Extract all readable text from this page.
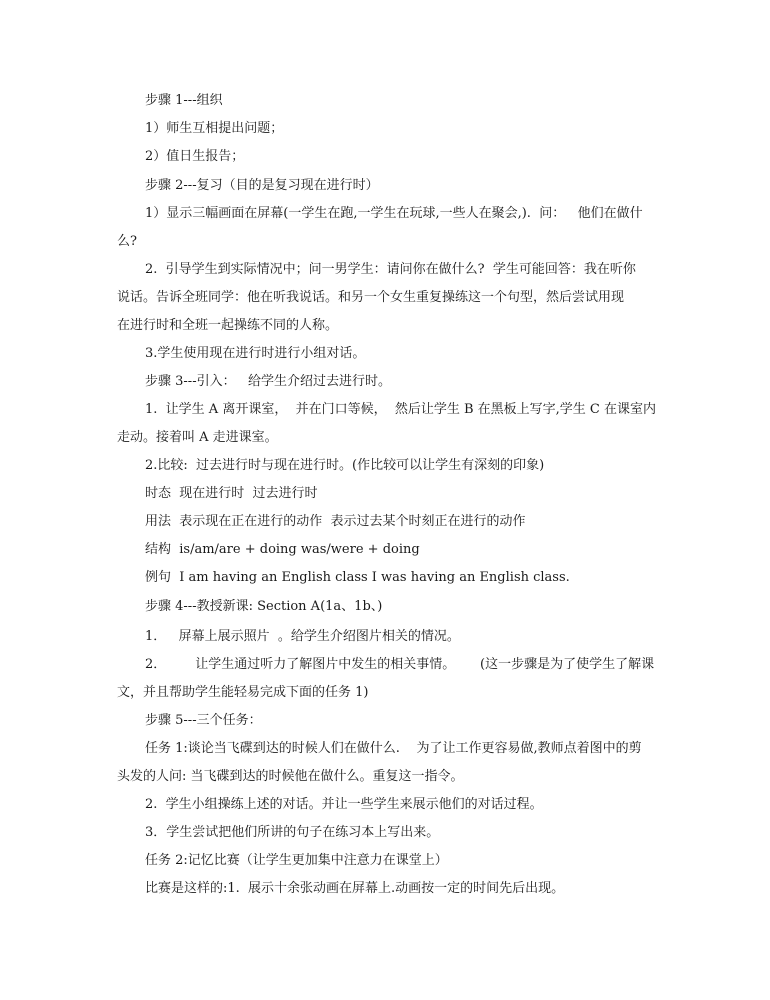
步骤 1---组织
1）师生互相提出问题；
2）值日生报告；
步骤 2---复习（目的是复习现在进行时）
1）显示三幅画面在屏幕(一学生在跑,一学生在玩球,一些人在聚会,).  问：   他们在做什
么?
2.  引导学生到实际情况中；问一男学生：请问你在做什么?  学生可能回答：我在听你
说话。告诉全班同学：他在听我说话。和另一个女生重复操练这一个句型，然后尝试用现
在进行时和全班一起操练不同的人称。
3.学生使用现在进行时进行小组对话。
步骤 3---引入：   给学生介绍过去进行时。
1.  让学生 A 离开课室，  并在门口等候，  然后让学生 B 在黑板上写字,学生 C 在课室内
走动。接着叫 A 走进课室。
2.比较:  过去进行时与现在进行时。(作比较可以让学生有深刻的印象)
时态  现在进行时  过去进行时
用法  表示现在正在进行的动作  表示过去某个时刻正在进行的动作
结构  is/am/are + doing was/were + doing
例句  I am having an English class I was having an English class.
步骤 4---教授新课: Section A(1a、1b、)
1．   屏幕上展示照片  。给学生介绍图片相关的情况。
2．       让学生通过听力了解图片中发生的相关事情。      (这一步骤是为了使学生了解课
文，并且帮助学生能轻易完成下面的任务 1)
步骤 5---三个任务：
任务 1:谈论当飞碟到达的时候人们在做什么.    为了让工作更容易做,教师点着图中的剪
头发的人问: 当飞碟到达的时候他在做什么。重复这一指令。
2.  学生小组操练上述的对话。并让一些学生来展示他们的对话过程。
3．学生尝试把他们所讲的句子在练习本上写出来。
任务 2:记忆比赛（让学生更加集中注意力在课堂上）
比赛是这样的:1.  展示十余张动画在屏幕上.动画按一定的时间先后出现。
